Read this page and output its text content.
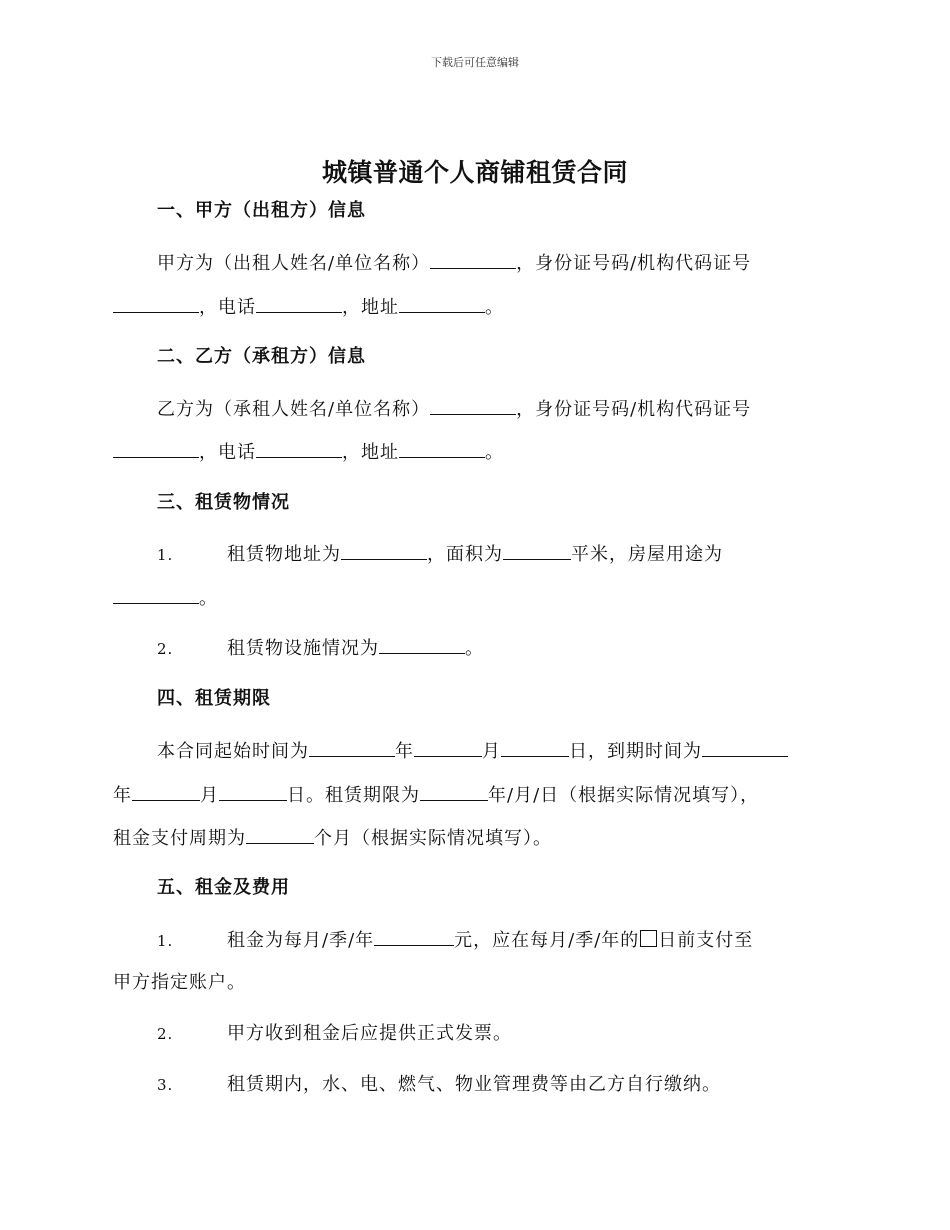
下载后可任意编辑
城镇普通个人商铺租赁合同
一、甲方（出租方）信息
甲方为（出租人姓名/单位名称）	，身份证号码/机构代码证号
，电话	，地址	。
二、乙方（承租方）信息
乙方为（承租人姓名/单位名称）	，身份证号码/机构代码证号
，电话	，地址	。
三、租赁物情况
1.	租赁物地址为	，面积为	平米，房屋用途为
。
2.	租赁物设施情况为	。
四、租赁期限
本合同起始时间为	年	月	日，到期时间为
年	月	日。租赁期限为	年/月/日（根据实际情况填写），
租金支付周期为	个月（根据实际情况填写）。
五、租金及费用
1.	租金为每月/季/年	元，应在每月/季/年的 日前支付至
甲方指定账户。
2.	甲方收到租金后应提供正式发票。
3.	租赁期内，水、电、燃气、物业管理费等由乙方自行缴纳。
